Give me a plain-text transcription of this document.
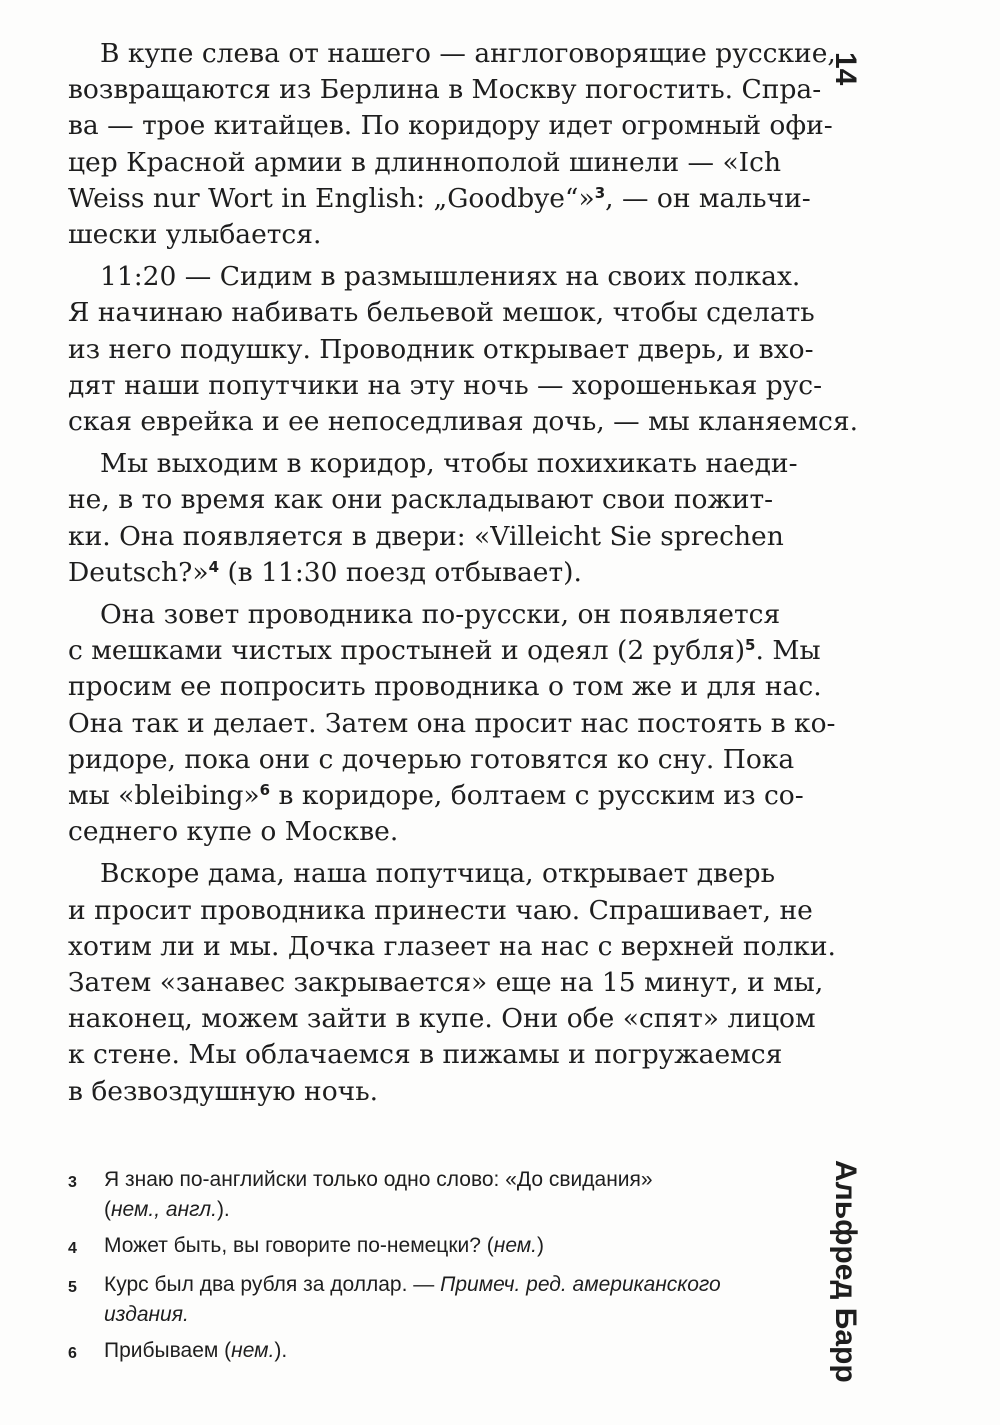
14

В купе слева от нашего — англоговорящие русские,
возвращаются из Берлина в Москву погостить. Спра-
ва — трое китайцев. По коридору идет огромный офи-
цер Красной армии в длиннополой шинели — «Ich
Weiss nur Wort in English: „Goodbye“»$^3$, — он мальчи-
шески улыбается.

11:20 — Сидим в размышлениях на своих полках.
Я начинаю набивать бельевой мешок, чтобы сделать
из него подушку. Проводник открывает дверь, и вхо-
дят наши попутчики на эту ночь — хорошенькая рус-
ская еврейка и ее непоседливая дочь, — мы кланяемся.

Мы выходим в коридор, чтобы похихикать наеди-
не, в то время как они раскладывают свои пожит-
ки. Она появляется в двери: «Villeicht Sie sprechen
Deutsch?»$^4$ (в 11:30 поезд отбывает).

Она зовет проводника по-русски, он появляется
с мешками чистых простыней и одеял (2 рубля)$^5$. Мы
просим ее попросить проводника о том же и для нас.
Она так и делает. Затем она просит нас постоять в ко-
ридоре, пока они с дочерью готовятся ко сну. Пока
мы «bleibing»$^6$ в коридоре, болтаем с русским из со-
седнего купе о Москве.

Вскоре дама, наша попутчица, открывает дверь
и просит проводника принести чаю. Спрашивает, не
хотим ли и мы. Дочка глазеет на нас с верхней полки.
Затем «занавес закрывается» еще на 15 минут, и мы,
наконец, можем зайти в купе. Они обе «спят» лицом
к стене. Мы облачаемся в пижамы и погружаемся
в безвоздушную ночь.

3	Я знаю по-английски только одно слово: «До свидания»
(нем., англ.).
4	Может быть, вы говорите по-немецки? (нем.)
5	Курс был два рубля за доллар. — Примеч. ред. американского
издания.
6	Прибываем (нем.).	Альфред Барр
